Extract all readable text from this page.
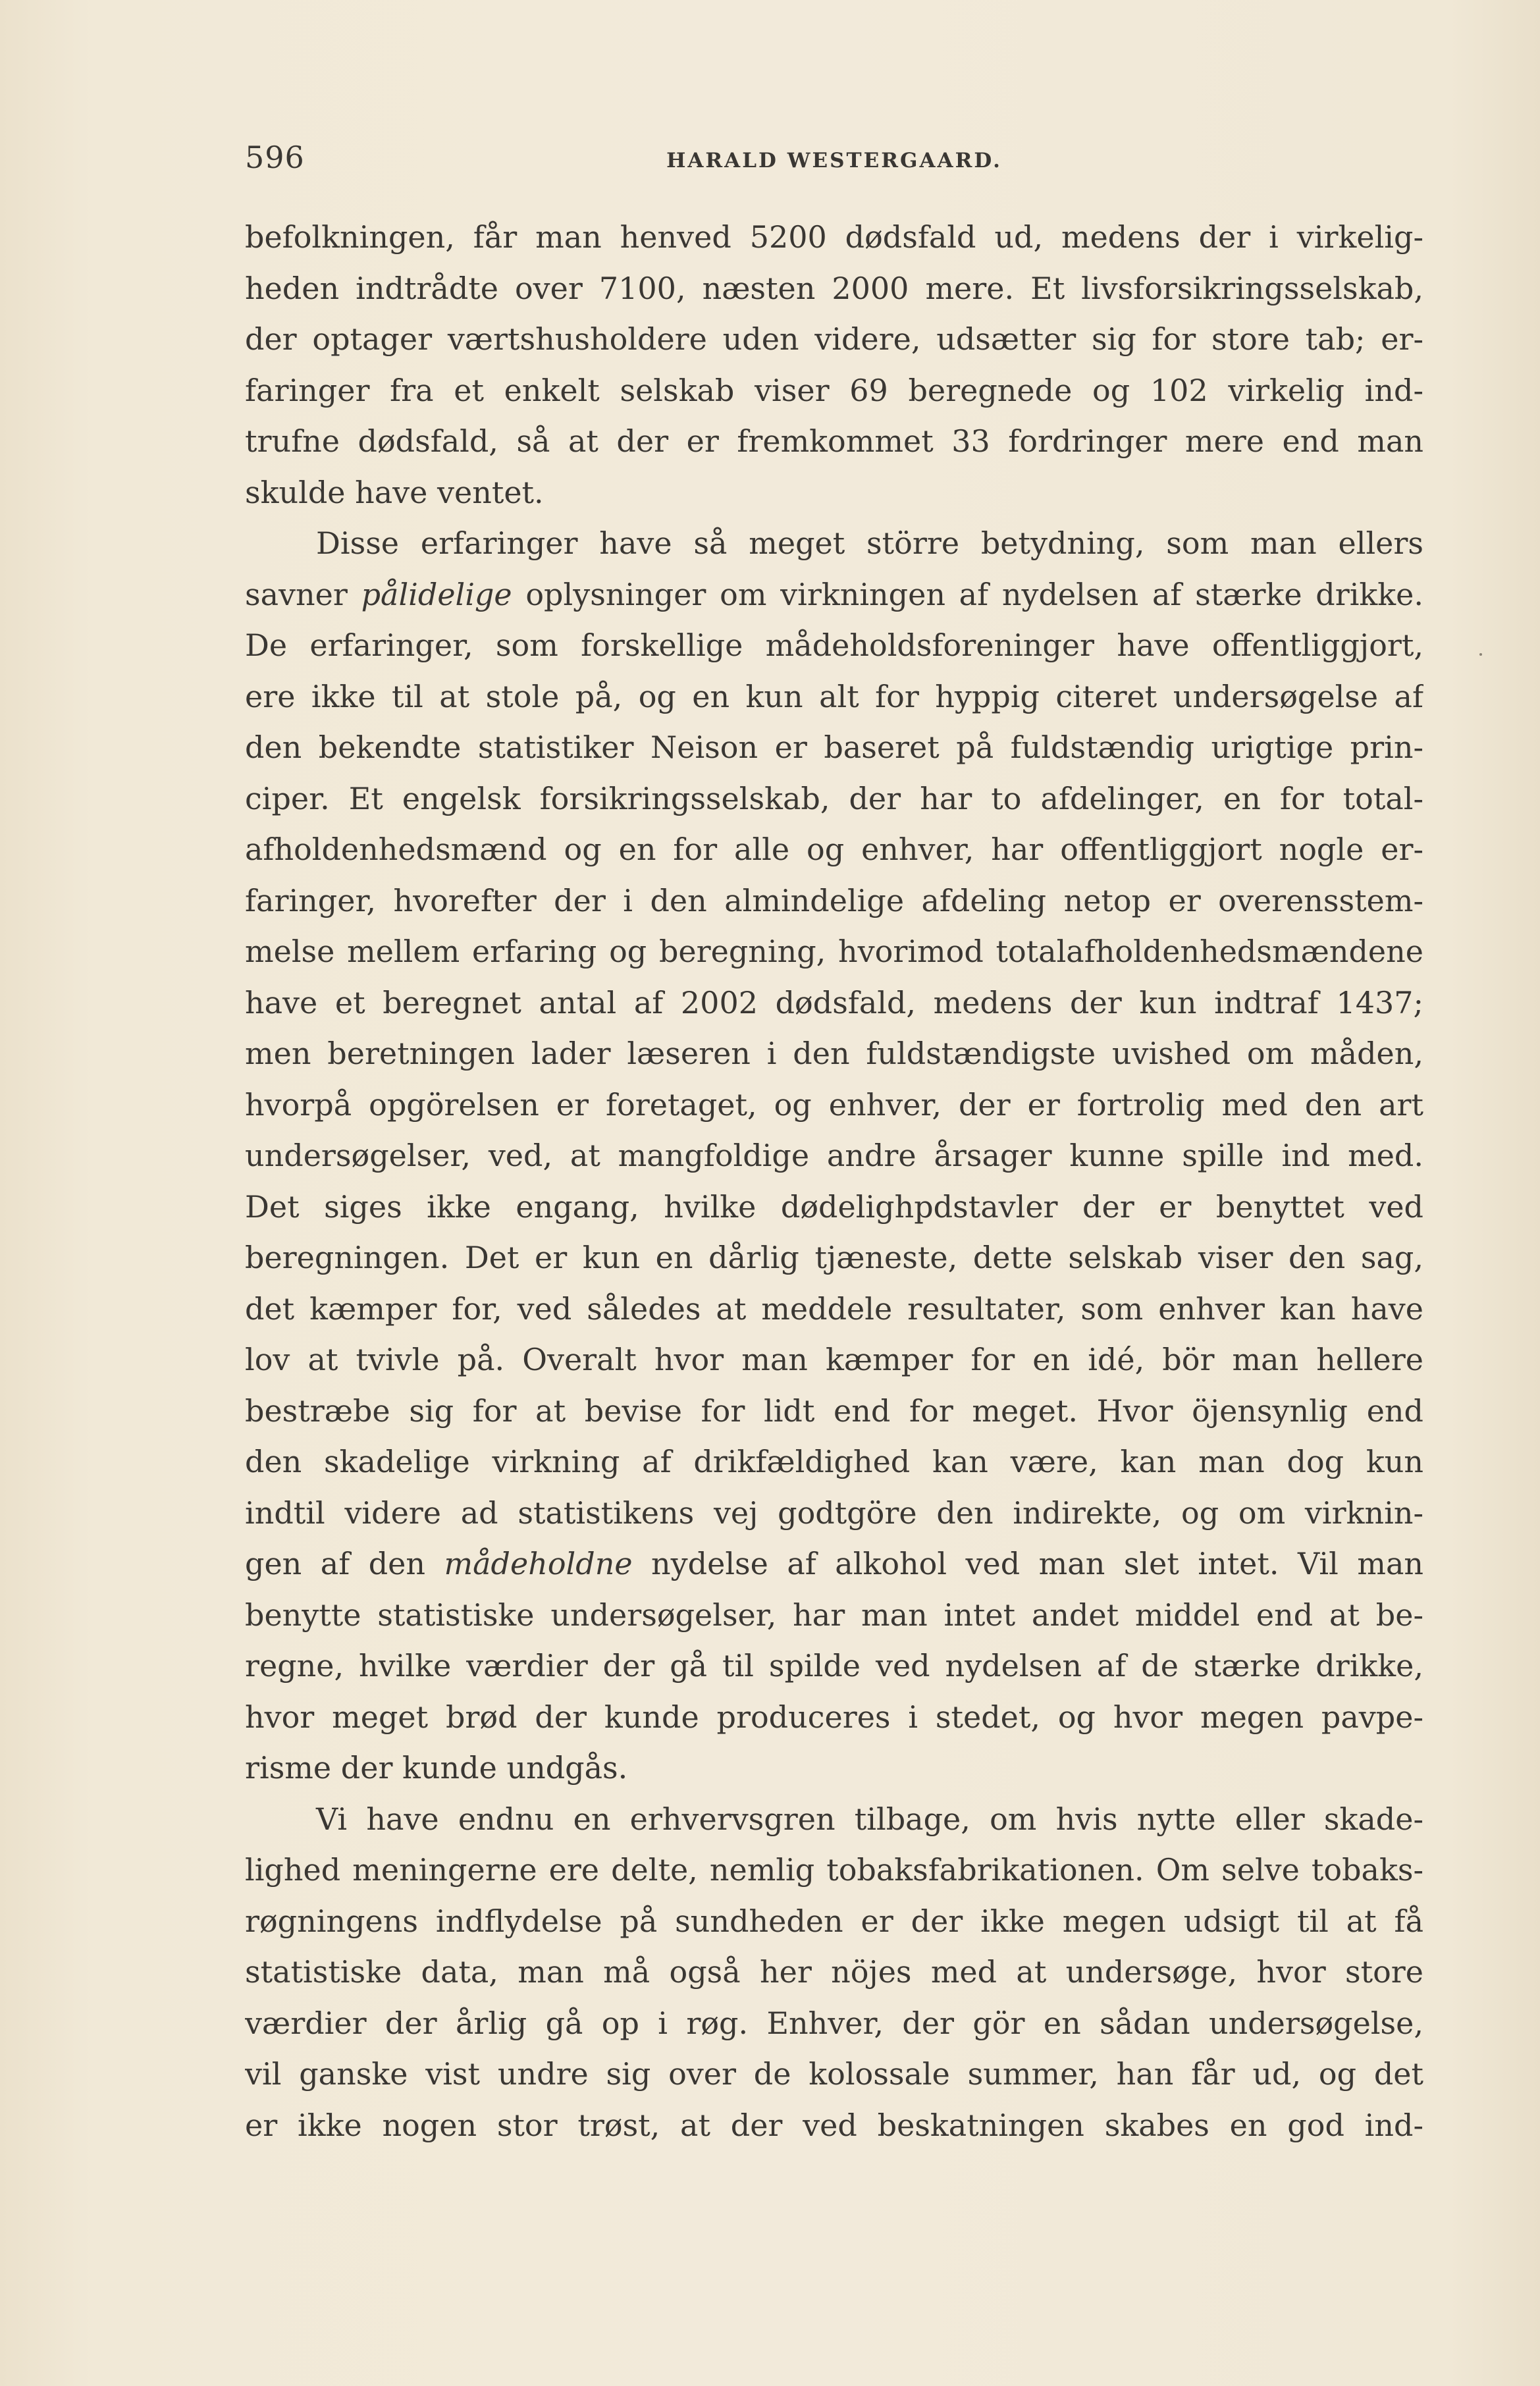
596	HARALD WESTERGAARD.
befolkningen, får man henved 5200 dødsfald ud, medens der i virkelig-
heden indtrådte over 7100, næsten 2000 mere. Et livsforsikringsselskab,
der optager værtshusholdere uden videre, udsætter sig for store tab; er-
faringer fra et enkelt selskab viser 69 beregnede og 102 virkelig ind-
trufne dødsfald, så at der er fremkommet 33 fordringer mere end man
skulde have ventet.
Disse erfaringer have så meget större betydning, som man ellers
savner pålidelige oplysninger om virkningen af nydelsen af stærke drikke.
De erfaringer, som forskellige mådeholdsforeninger have offentliggjort,
ere ikke til at stole på, og en kun alt for hyppig citeret undersøgelse af
den bekendte statistiker Neison er baseret på fuldstændig urigtige prin-
ciper. Et engelsk forsikringsselskab, der har to afdelinger, en for total-
afholdenhedsmænd og en for alle og enhver, har offentliggjort nogle er-
faringer, hvorefter der i den almindelige afdeling netop er overensstem-
melse mellem erfaring og beregning, hvorimod totalafholdenhedsmændene
have et beregnet antal af 2002 dødsfald, medens der kun indtraf 1437;
men beretningen lader læseren i den fuldstændigste uvished om måden,
hvorpå opgörelsen er foretaget, og enhver, der er fortrolig med den art
undersøgelser, ved, at mangfoldige andre årsager kunne spille ind med.
Det siges ikke engang, hvilke dødelighpdstavler der er benyttet ved
beregningen. Det er kun en dårlig tjæneste, dette selskab viser den sag,
det kæmper for, ved således at meddele resultater, som enhver kan have
lov at tvivle på. Overalt hvor man kæmper for en idé, bör man hellere
bestræbe sig for at bevise for lidt end for meget. Hvor öjensynlig end
den skadelige virkning af drikfældighed kan være, kan man dog kun
indtil videre ad statistikens vej godtgöre den indirekte, og om virknin-
gen af den mådeholdne nydelse af alkohol ved man slet intet. Vil man
benytte statistiske undersøgelser, har man intet andet middel end at be-
regne, hvilke værdier der gå til spilde ved nydelsen af de stærke drikke,
hvor meget brød der kunde produceres i stedet, og hvor megen pavpe-
risme der kunde undgås.
Vi have endnu en erhvervsgren tilbage, om hvis nytte eller skade-
lighed meningerne ere delte, nemlig tobaksfabrikationen. Om selve tobaks-
røgningens indflydelse på sundheden er der ikke megen udsigt til at få
statistiske data, man må også her nöjes med at undersøge, hvor store
værdier der årlig gå op i røg. Enhver, der gör en sådan undersøgelse,
vil ganske vist undre sig over de kolossale summer, han får ud, og det
er ikke nogen stor trøst, at der ved beskatningen skabes en god ind-
